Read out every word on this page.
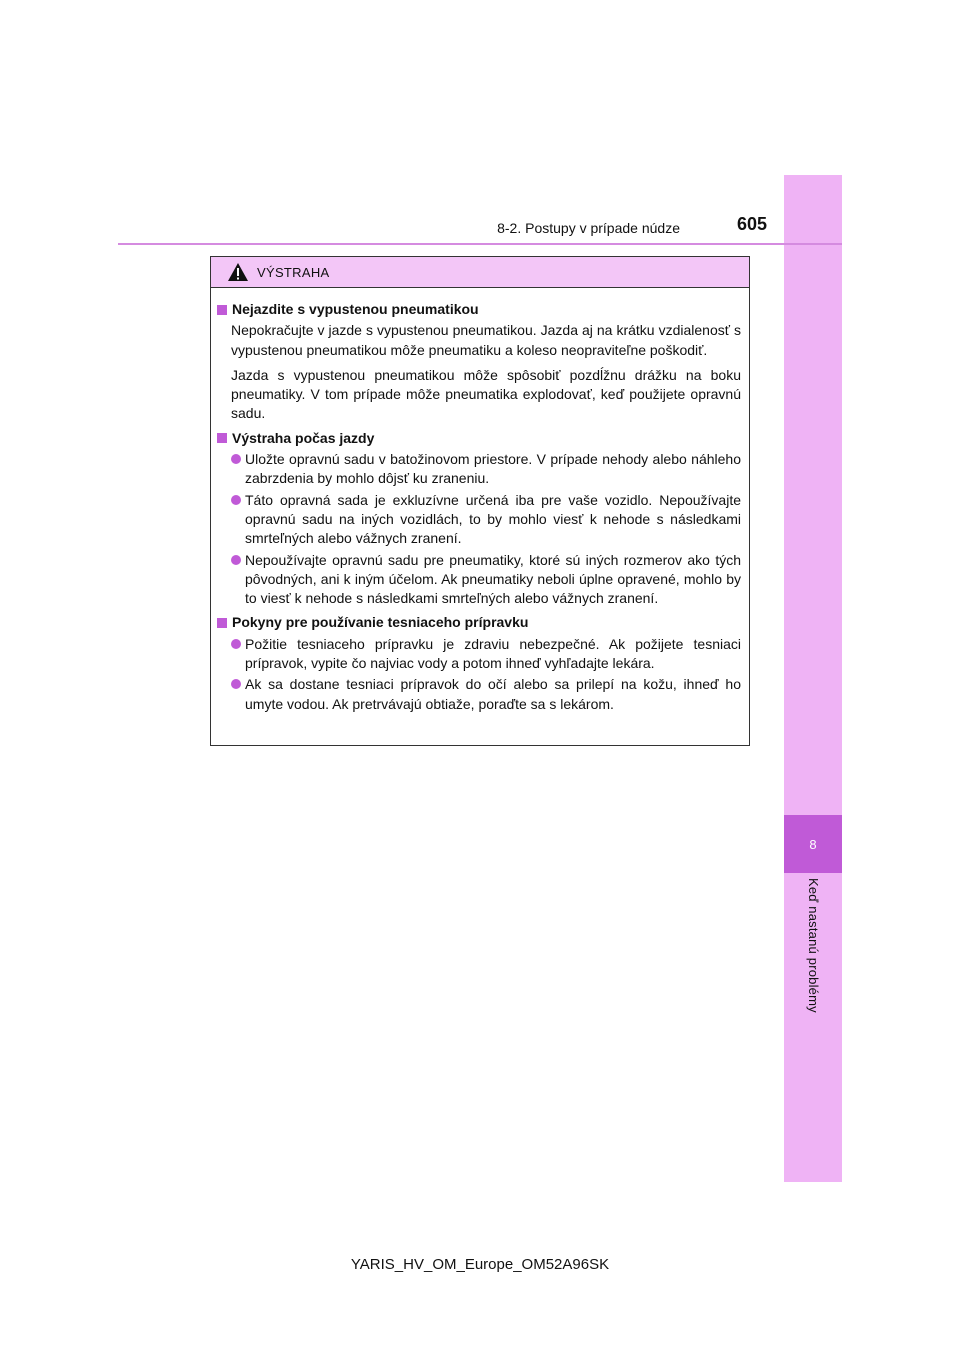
8
Keď nastanú problémy
8-2. Postupy v prípade núdze	605
VÝSTRAHA
Nejazdite s vypustenou pneumatikou
Nepokračujte v jazde s vypustenou pneumatikou. Jazda aj na krátku vzdialenosť s vypustenou pneumatikou môže pneumatiku a koleso neopraviteľne poškodiť.
Jazda s vypustenou pneumatikou môže spôsobiť pozdĺžnu drážku na boku pneumatiky. V tom prípade môže pneumatika explodovať, keď použijete opravnú sadu.
Výstraha počas jazdy
Uložte opravnú sadu v batožinovom priestore. V prípade nehody alebo náhleho zabrzdenia by mohlo dôjsť ku zraneniu.
Táto opravná sada je exkluzívne určená iba pre vaše vozidlo. Nepoužívajte opravnú sadu na iných vozidlách, to by mohlo viesť k nehode s následkami smrteľných alebo vážnych zranení.
Nepoužívajte opravnú sadu pre pneumatiky, ktoré sú iných rozmerov ako tých pôvodných, ani k iným účelom. Ak pneumatiky neboli úplne opravené, mohlo by to viesť k nehode s následkami smrteľných alebo vážnych zranení.
Pokyny pre používanie tesniaceho prípravku
Požitie tesniaceho prípravku je zdraviu nebezpečné. Ak požijete tesniaci prípravok, vypite čo najviac vody a potom ihneď vyhľadajte lekára.
Ak sa dostane tesniaci prípravok do očí alebo sa prilepí na kožu, ihneď ho umyte vodou. Ak pretrvávajú obtiaže, poraďte sa s lekárom.
YARIS_HV_OM_Europe_OM52A96SK
